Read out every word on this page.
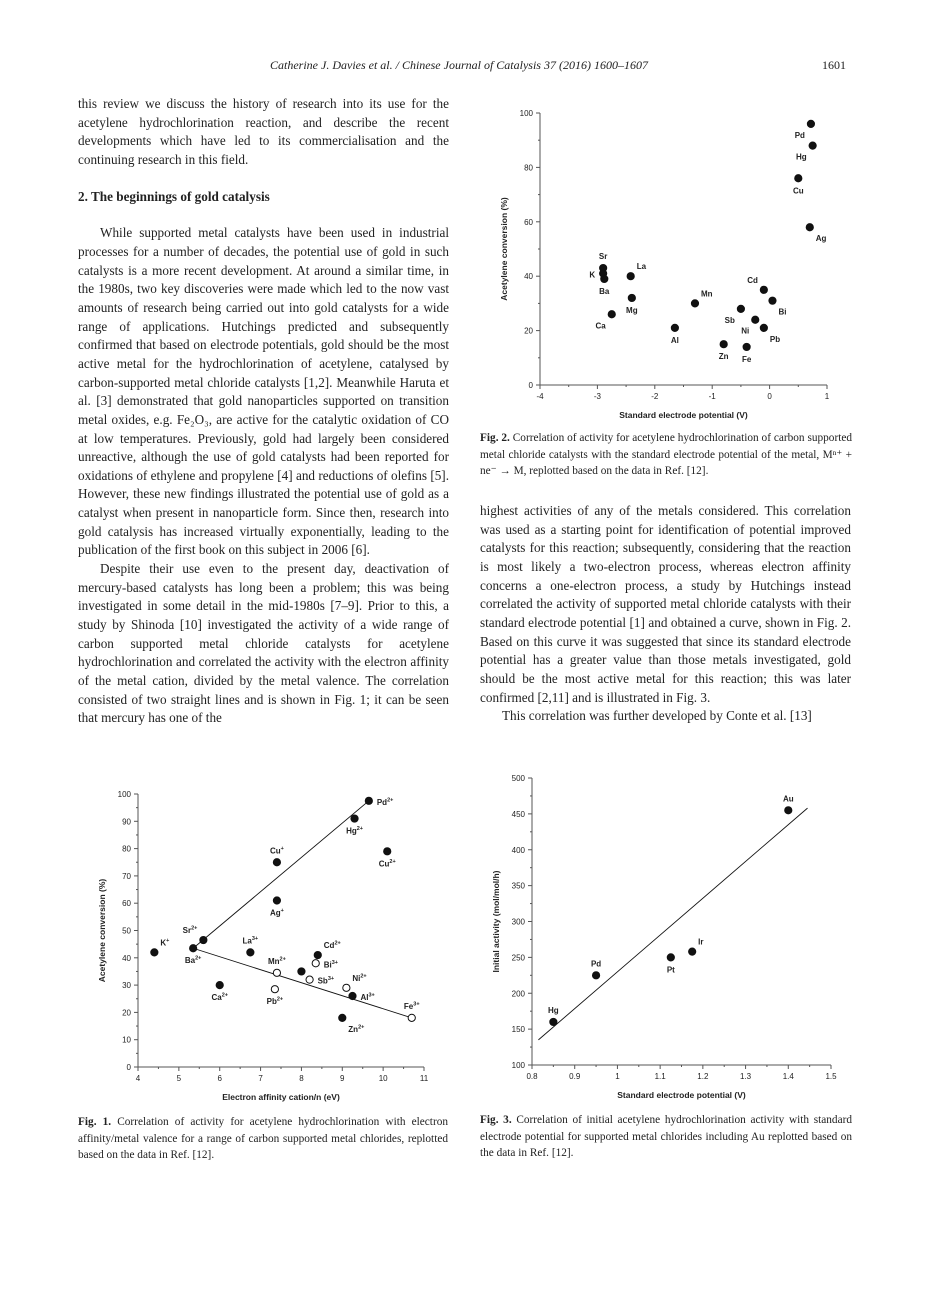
Catherine J. Davies et al. / Chinese Journal of Catalysis 37 (2016) 1600–1607	1601

this review we discuss the history of research into its use for the acetylene hydrochlorination reaction, and describe the recent developments which have led to its commercialisation and the continuing research in this field.

2. The beginnings of gold catalysis

While supported metal catalysts have been used in industrial processes for a number of decades, the potential use of gold in such catalysts is a more recent development. At around a similar time, in the 1980s, two key discoveries were made which led to the now vast amounts of research being carried out into gold catalysts for a wide range of applications. Hutchings predicted and subsequently confirmed that based on electrode potentials, gold should be the most active metal for the hydrochlorination of acetylene, catalysed by carbon-supported metal chloride catalysts [1,2]. Meanwhile Haruta et al. [3] demonstrated that gold nanoparticles supported on transition metal oxides, e.g. Fe₂O₃, are active for the catalytic oxidation of CO at low temperatures. Previously, gold had largely been considered unreactive, although the use of gold catalysts had been reported for oxidations of ethylene and propylene [4] and reductions of olefins [5]. However, these new findings illustrated the potential use of gold as a catalyst when present in nanoparticle form. Since then, research into gold catalysis has increased virtually exponentially, leading to the publication of the first book on this subject in 2006 [6].

Despite their use even to the present day, deactivation of mercury-based catalysts has long been a problem; this was being investigated in some detail in the mid-1980s [7–9]. Prior to this, a study by Shinoda [10] investigated the activity of a wide range of carbon supported metal chloride catalysts for acetylene hydrochlorination and correlated the activity with the electron affinity of the metal cation, divided by the metal valence. The correlation consisted of two straight lines and is shown in Fig. 1; it can be seen that mercury has one of the

highest activities of any of the metals considered. This correlation was used as a starting point for identification of potential improved catalysts for this reaction; subsequently, considering that the reaction is most likely a two-electron process, whereas electron affinity concerns a one-electron process, a study by Hutchings instead correlated the activity of supported metal chloride catalysts with their standard electrode potential [1] and obtained a curve, shown in Fig. 2. Based on this curve it was suggested that since its standard electrode potential has a greater value than those metals investigated, gold should be the most active metal for this reaction; this was later confirmed [2,11] and is illustrated in Fig. 3.

This correlation was further developed by Conte et al. [13]

0
20
40
60
80
100
-4	-3	-2	-1	0	1
Standard electrode potential (V)
Acetylene conversion (%)
Pd
Hg
Cu
Ag
Sr
K
Ba
La
Mg
Ca
Mn
Al
Zn Fe
Sb
Ni
Cd
Bi
Pb
0
10
20
30
40
50
60
70
80
90
100
4	5	6	7	8	9	10	11
Electron affinity cation/n (eV)
Acetylene conversion (%)	K+
$Sr^{2+}$
$Ba^{2+}$
$Ca^{2+}$
$La^{3+}$
Cu+
Ag+
$Mn^{2+}$
$Pb^{2+}$
$Cd^{2+}$
$Bi^{3+}$
$Sb^{3+}$ $Ni^{2+}$
$Al^{3+}$
$Zn^{2+}$
$Fe^{3+}$
$Pd^{2+}$
$Hg^{2+}$
$Cu^{2+}$
100
150
200
250
300
350
400
450
500
0.8	0.9	1	1.1	1.2	1.3	1.4	1.5
Standard electrode potential (V)
Initial activity (mol/mol/h)
Hg
Pd
Pt
Ir
Au
Fig. 2. Correlation of activity for acetylene hydrochlorination of carbon supported metal chloride catalysts with the standard electrode potential of the metal, Mⁿ⁺ + ne⁻ → M, replotted based on the data in Ref. [12].
Fig. 1. Correlation of activity for acetylene hydrochlorination with electron affinity/metal valence for a range of carbon supported metal chlorides, replotted based on the data in Ref. [12].
Fig. 3. Correlation of initial acetylene hydrochlorination activity with standard electrode potential for supported metal chlorides including Au replotted based on the data in Ref. [12].
